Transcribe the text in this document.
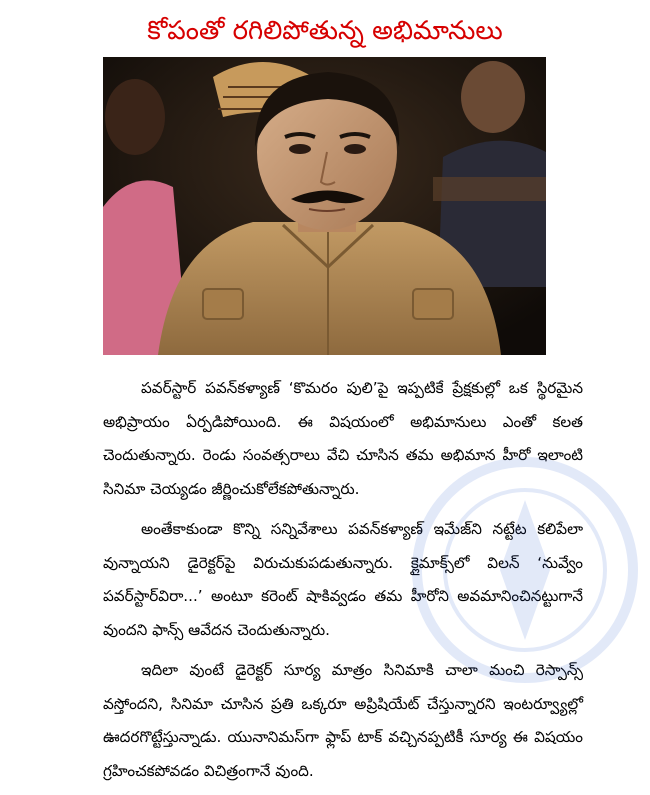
కోపంతో రగిలిపోతున్న అభిమానులు

పవర్‌స్టార్ పవన్‌కళ్యాణ్ ‘కొమరం పులి’పై ఇప్పటికే ప్రేక్షకుల్లో ఒక స్థిరమైన అభిప్రాయం ఏర్పడిపోయింది. ఈ విషయంలో అభిమానులు ఎంతో కలత చెందుతున్నారు. రెండు సంవత్సరాలు వేచి చూసిన తమ అభిమాన హీరో ఇలాంటి సినిమా చెయ్యడం జీర్ణించుకోలేకపోతున్నారు.

అంతేకాకుండా కొన్ని సన్నివేశాలు పవన్‌కళ్యాణ్ ఇమేజ్‌ని నట్టేట కలిపేలా వున్నాయని డైరెక్టర్‌పై విరుచుకుపడుతున్నారు. క్లైమాక్స్‌లో విలన్ ‘నువ్వేం పవర్‌స్టార్‌విరా...’ అంటూ కరెంట్ షాకివ్వడం తమ హీరోని అవమానించినట్టుగానే వుందని ఫాన్స్ ఆవేదన చెందుతున్నారు.

ఇదిలా వుంటే డైరెక్టర్ సూర్య మాత్రం సినిమాకి చాలా మంచి రెస్పాన్స్ వస్తోందని, సినిమా చూసిన ప్రతి ఒక్కరూ అప్రిషియేట్ చేస్తున్నారని ఇంటర్వ్యూల్లో ఊదరగొట్టేస్తున్నాడు. యునానిమస్‌గా ఫ్లాప్ టాక్ వచ్చినప్పటికీ సూర్య ఈ విషయం గ్రహించకపోవడం విచిత్రంగానే వుంది.
